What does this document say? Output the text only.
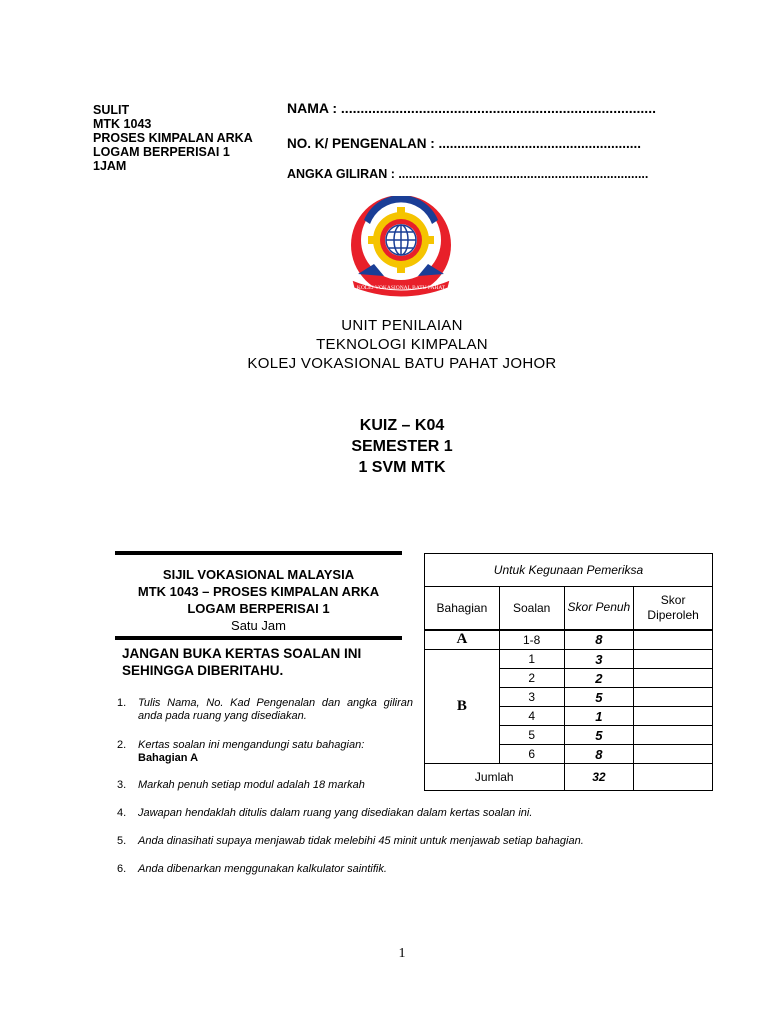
SULIT
MTK 1043
PROSES KIMPALAN ARKA
LOGAM BERPERISAI 1
1JAM
NAMA : .................................................................................
NO. K/ PENGENALAN : ......................................................
ANGKA GILIRAN : ........................................................................
KOLEJ VOKASIONAL BATU PAHAT
UNIT PENILAIAN
TEKNOLOGI KIMPALAN
KOLEJ VOKASIONAL BATU PAHAT JOHOR
KUIZ – K04
SEMESTER 1
1 SVM MTK
SIJIL VOKASIONAL MALAYSIA
MTK 1043 – PROSES KIMPALAN ARKA
LOGAM BERPERISAI 1
Satu Jam
JANGAN BUKA KERTAS SOALAN INI
SEHINGGA DIBERITAHU.
1. Tulis Nama, No. Kad Pengenalan dan angka giliran anda pada ruang yang disediakan.
2. Kertas soalan ini mengandungi satu bahagian:
Bahagian A
3. Markah penuh setiap modul adalah 18 markah
4. Jawapan hendaklah ditulis dalam ruang yang disediakan dalam kertas soalan ini.
5. Anda dinasihati supaya menjawab tidak melebihi 45 minit untuk menjawab setiap bahagian.
6. Anda dibenarkan menggunakan kalkulator saintifik.
Untuk Kegunaan Pemeriksa			
Bahagian	Soalan	Skor Penuh	Skor Diperoleh
A	1-8	8	
B	1	3	
	2	2	
	3	5	
	4	1	
	5	5	
	6	8	
Jumlah		32	
1
